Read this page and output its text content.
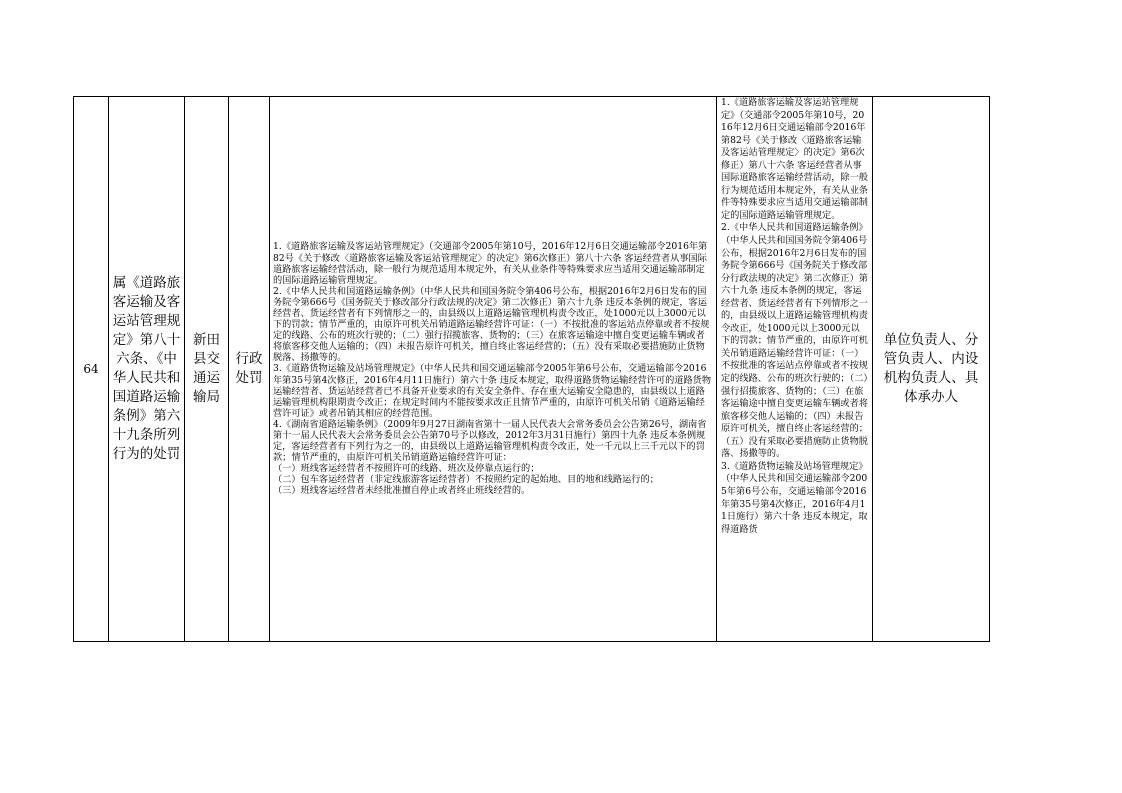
64
属《道路旅客运输及客运站管理规定》第八十六条、《中华人民共和国道路运输条例》第六十九条所列行为的处罚
新田县交通运输局
行政处罚

1.《道路旅客运输及客运站管理规定》（交通部令2005年第10号，2016年12月6日交通运输部令2016年第82号《关于修改〈道路旅客运输及客运站管理规定〉的决定》第6次修正）第八十六条 客运经营者从事国际道路旅客运输经营活动，除一般行为规范适用本规定外，有关从业条件等特殊要求应当适用交通运输部制定的国际道路运输管理规定。

2.《中华人民共和国道路运输条例》（中华人民共和国国务院令第406号公布，根据2016年2月6日发布的国务院令第666号《国务院关于修改部分行政法规的决定》第二次修正）第六十九条 违反本条例的规定，客运经营者、货运经营者有下列情形之一的，由县级以上道路运输管理机构责令改正，处1000元以上3000元以下的罚款；情节严重的，由原许可机关吊销道路运输经营许可证：（一）不按批准的客运站点停靠或者不按规定的线路、公布的班次行驶的；（二）强行招揽旅客、货物的；（三）在旅客运输途中擅自变更运输车辆或者将旅客移交他人运输的；（四）未报告原许可机关，擅自终止客运经营的；（五）没有采取必要措施防止货物脱落、扬撒等的。

3.《道路货物运输及站场管理规定》（中华人民共和国交通运输部令2005年第6号公布，交通运输部令2016年第35号第4次修正，2016年4月11日施行）第六十条 违反本规定，取得道路货物运输经营许可的道路货物运输经营者、货运站经营者已不具备开业要求的有关安全条件、存在重大运输安全隐患的，由县级以上道路运输管理机构限期责令改正；在规定时间内不能按要求改正且情节严重的，由原许可机关吊销《道路运输经营许可证》或者吊销其相应的经营范围。

4.《湖南省道路运输条例》（2009年9月27日湖南省第十一届人民代表大会常务委员会公告第26号，湖南省第十一届人民代表大会常务委员会公告第70号予以修改，2012年3月31日施行）第四十九条 违反本条例规定，客运经营者有下列行为之一的，由县级以上道路运输管理机构责令改正，处一千元以上三千元以下的罚款；情节严重的，由原许可机关吊销道路运输经营许可证：

（一）班线客运经营者不按照许可的线路、班次及停靠点运行的；

（二）包车客运经营者（非定线旅游客运经营者）不按照约定的起始地、目的地和线路运行的；

（三）班线客运经营者未经批准擅自停止或者终止班线经营的。

1.《道路旅客运输及客运站管理规定》（交通部令2005年第10号，2016年12月6日交通运输部令2016年第82号《关于修改〈道路旅客运输及客运站管理规定〉的决定》第6次修正）第八十六条 客运经营者从事国际道路旅客运输经营活动，除一般行为规范适用本规定外，有关从业条件等特殊要求应当适用交通运输部制定的国际道路运输管理规定。

2.《中华人民共和国道路运输条例》（中华人民共和国国务院令第406号公布，根据2016年2月6日发布的国务院令第666号《国务院关于修改部分行政法规的决定》第二次修正）第六十九条 违反本条例的规定，客运经营者、货运经营者有下列情形之一的，由县级以上道路运输管理机构责令改正，处1000元以上3000元以下的罚款；情节严重的，由原许可机关吊销道路运输经营许可证：（一）不按批准的客运站点停靠或者不按规定的线路、公布的班次行驶的；（二）强行招揽旅客、货物的；（三）在旅客运输途中擅自变更运输车辆或者将旅客移交他人运输的；（四）未报告原许可机关，擅自终止客运经营的；（五）没有采取必要措施防止货物脱落、扬撒等的。

3.《道路货物运输及站场管理规定》（中华人民共和国交通运输部令2005年第6号公布，交通运输部令2016年第35号第4次修正，2016年4月11日施行）第六十条 违反本规定，取得道路货

单位负责人、分管负责人、内设机构负责人、具体承办人
